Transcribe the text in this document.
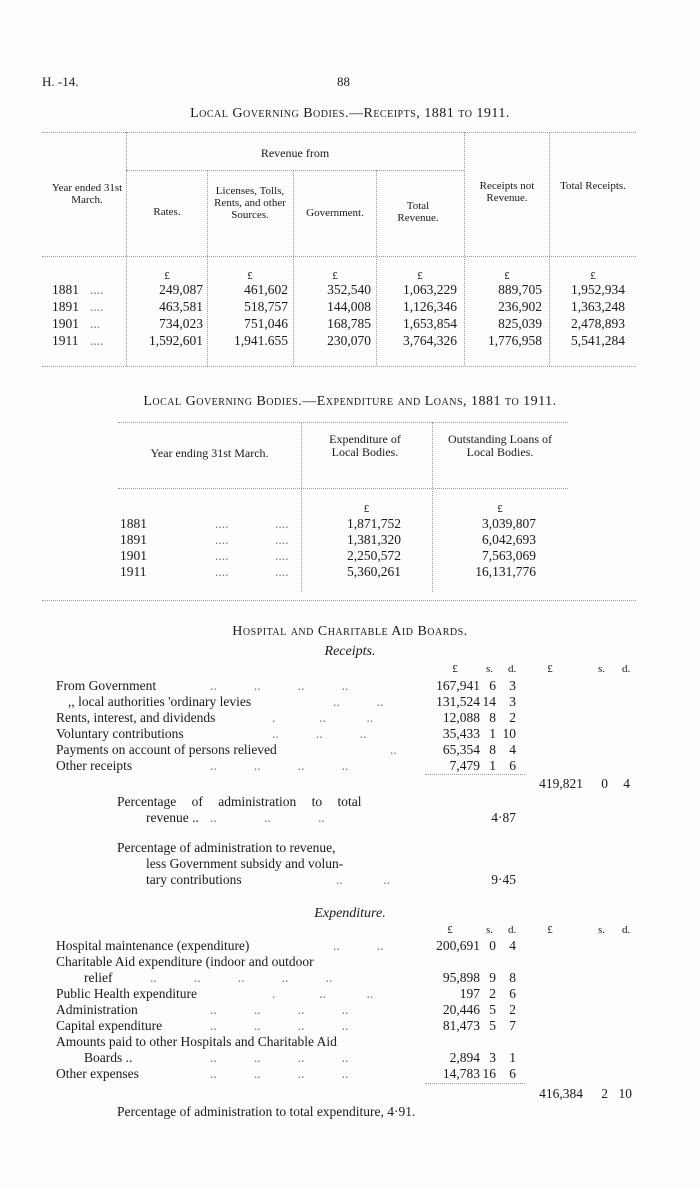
H. -14.	88
Local Governing Bodies.—Receipts, 1881 to 1911.
Revenue from
Year ended 31st March.
Rates.
Licenses, Tolls, Rents, and other Sources.	Government.
Total Revenue.
Receipts not Revenue.
Total Receipts.
£	£	£	£	£	£
1881 ....	249,087	461,602	352,540	1,063,229	889,705	1,952,934
1891 ....	463,581	518,757	144,008	1,126,346	236,902	1,363,248
1901 ...	734,023	751,046	168,785	1,653,854	825,039	2,478,893
1911 ....	1,592,601	1,941.655	230,070	3,764,326	1,776,958	5,541,284
Local Governing Bodies.—Expenditure and Loans, 1881 to 1911.
Year ending 31st March.
Expenditure of Local Bodies.
Outstanding Loans of Local Bodies.
£	£
1881	....	....	1,871,752	3,039,807
1891	....	....	1,381,320	6,042,693
1901	....	....	2,250,572	7,563,069
1911	....	....	5,360,261	16,131,776
Hospital and Charitable Aid Boards.
Receipts.
£	s. d.	£	s. d.
From Government	..           ..           ..           ..	167,941 6 3
,, local authorities 'ordinary levies	..           ..	131,524 14 3
Rents, interest, and dividends	.             ..            ..	12,088 8 2
Voluntary contributions	..           ..           ..	35,433 1 10
Payments on account of persons relieved	..	65,354 8 4
Other receipts	..           ..           ..           ..	7,479 1 6
419,821	0	4
Percentage of administration to total
revenue .. ..              ..              ..	4·87
Percentage of administration to revenue,
less Government subsidy and volun-
tary contributions	..            ..	9·45
Expenditure.
£	s. d.	£	s. d.
Hospital maintenance (expenditure)	..           ..	200,691 0 4
Charitable Aid expenditure (indoor and outdoor
relief	..           ..           ..           ..           ..	95,898 9 8
Public Health expenditure	.             ..            ..	197 2 6
Administration	..           ..           ..           ..	20,446 5 2
Capital expenditure	..           ..           ..           ..	81,473 5 7
Amounts paid to other Hospitals and Charitable Aid
Boards ..	..           ..           ..           ..	2,894 3 1
Other expenses	..           ..           ..           ..	14,783 16 6
416,384	2 10
Percentage of administration to total expenditure, 4·91.
